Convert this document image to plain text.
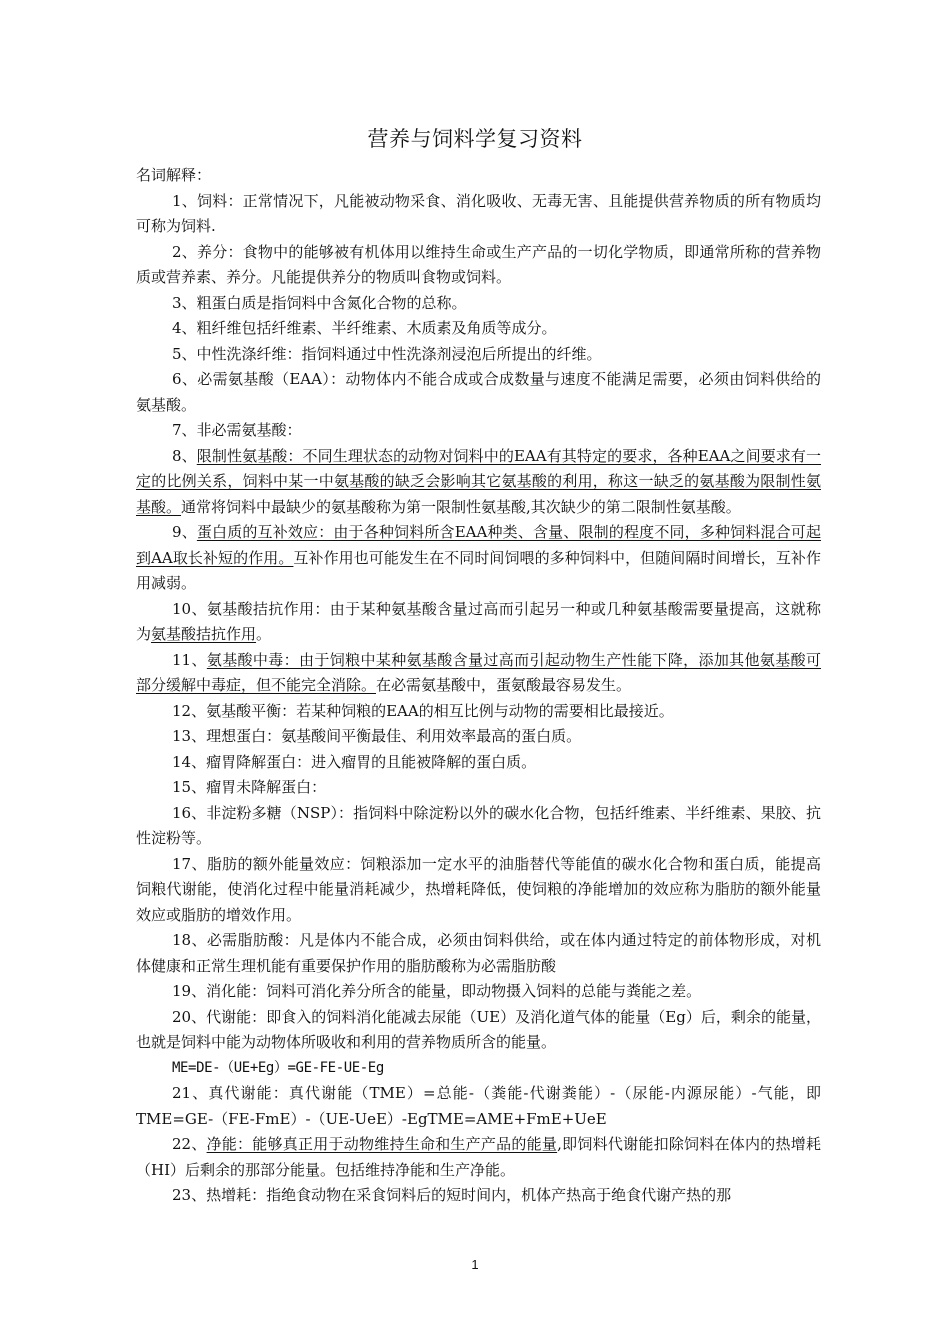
营养与饲料学复习资料

名词解释：

1、饲料：正常情况下，凡能被动物采食、消化吸收、无毒无害、且能提供营养物质的所有物质均可称为饲料.

2、养分：食物中的能够被有机体用以维持生命或生产产品的一切化学物质，即通常所称的营养物质或营养素、养分。凡能提供养分的物质叫食物或饲料。

3、粗蛋白质是指饲料中含氮化合物的总称。

4、粗纤维包括纤维素、半纤维素、木质素及角质等成分。

5、中性洗涤纤维：指饲料通过中性洗涤剂浸泡后所提出的纤维。

6、必需氨基酸（EAA）：动物体内不能合成或合成数量与速度不能满足需要，必须由饲料供给的氨基酸。

7、非必需氨基酸：

8、限制性氨基酸：不同生理状态的动物对饲料中的EAA有其特定的要求，各种EAA之间要求有一定的比例关系，饲料中某一中氨基酸的缺乏会影响其它氨基酸的利用，称这一缺乏的氨基酸为限制性氨基酸。通常将饲料中最缺少的氨基酸称为第一限制性氨基酸,其次缺少的第二限制性氨基酸。

9、蛋白质的互补效应：由于各种饲料所含EAA种类、含量、限制的程度不同，多种饲料混合可起到AA取长补短的作用。互补作用也可能发生在不同时间饲喂的多种饲料中，但随间隔时间增长，互补作用减弱。

10、氨基酸拮抗作用：由于某种氨基酸含量过高而引起另一种或几种氨基酸需要量提高，这就称为氨基酸拮抗作用。

11、氨基酸中毒：由于饲粮中某种氨基酸含量过高而引起动物生产性能下降，添加其他氨基酸可部分缓解中毒症，但不能完全消除。在必需氨基酸中，蛋氨酸最容易发生。

12、氨基酸平衡：若某种饲粮的EAA的相互比例与动物的需要相比最接近。

13、理想蛋白：氨基酸间平衡最佳、利用效率最高的蛋白质。

14、瘤胃降解蛋白：进入瘤胃的且能被降解的蛋白质。

15、瘤胃未降解蛋白：

16、非淀粉多糖（NSP）：指饲料中除淀粉以外的碳水化合物，包括纤维素、半纤维素、果胶、抗性淀粉等。

17、脂肪的额外能量效应：饲粮添加一定水平的油脂替代等能值的碳水化合物和蛋白质，能提高饲粮代谢能，使消化过程中能量消耗减少，热增耗降低，使饲粮的净能增加的效应称为脂肪的额外能量效应或脂肪的增效作用。

18、必需脂肪酸：凡是体内不能合成，必须由饲料供给，或在体内通过特定的前体物形成，对机体健康和正常生理机能有重要保护作用的脂肪酸称为必需脂肪酸

19、消化能：饲料可消化养分所含的能量，即动物摄入饲料的总能与粪能之差。

20、代谢能：即食入的饲料消化能减去尿能（UE）及消化道气体的能量（Eg）后，剩余的能量，也就是饲料中能为动物体所吸收和利用的营养物质所含的能量。

ME=DE-（UE+Eg）=GE-FE-UE-Eg

21、真代谢能：真代谢能（TME）=总能-（粪能-代谢粪能）-（尿能-内源尿能）-气能，即TME=GE-（FE-FmE）-（UE-UeE）-EgTME=AME+FmE+UeE

22、净能：能够真正用于动物维持生命和生产产品的能量,即饲料代谢能扣除饲料在体内的热增耗（HI）后剩余的那部分能量。包括维持净能和生产净能。

23、热增耗：指绝食动物在采食饲料后的短时间内，机体产热高于绝食代谢产热的那

1
